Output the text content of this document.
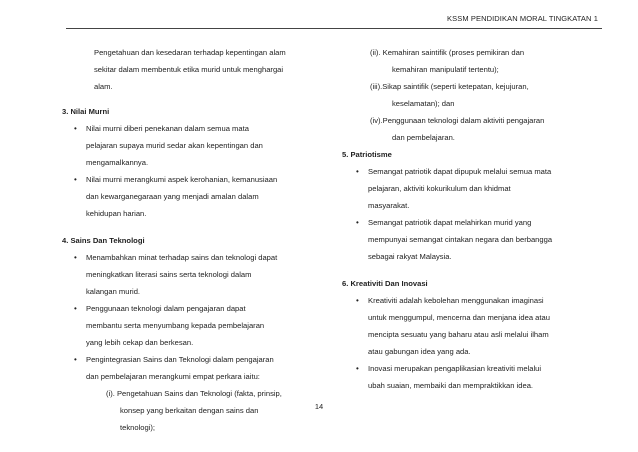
KSSM PENDIDIKAN MORAL TINGKATAN 1
Pengetahuan dan kesedaran terhadap kepentingan alam
sekitar dalam membentuk etika murid untuk menghargai
alam.
3. Nilai Murni
• Nilai murni diberi penekanan dalam semua mata
pelajaran supaya murid sedar akan kepentingan dan
mengamalkannya.
• Nilai murni merangkumi aspek kerohanian, kemanusiaan
dan kewarganegaraan yang menjadi amalan dalam
kehidupan harian.
4. Sains Dan Teknologi
• Menambahkan minat terhadap sains dan teknologi dapat
meningkatkan literasi sains serta teknologi dalam
kalangan murid.
• Penggunaan teknologi dalam pengajaran dapat
membantu serta menyumbang kepada pembelajaran
yang lebih cekap dan berkesan.
• Pengintegrasian Sains dan Teknologi dalam pengajaran
dan pembelajaran merangkumi empat perkara iaitu:
(i). Pengetahuan Sains dan Teknologi (fakta, prinsip,
konsep yang berkaitan dengan sains dan
teknologi);
(ii). Kemahiran saintifik (proses pemikiran dan
kemahiran manipulatif tertentu);
(iii).Sikap saintifik (seperti ketepatan, kejujuran,
keselamatan); dan
(iv).Penggunaan teknologi dalam aktiviti pengajaran
dan pembelajaran.
5. Patriotisme
• Semangat patriotik dapat dipupuk melalui semua mata
pelajaran, aktiviti kokurikulum dan khidmat
masyarakat.
• Semangat patriotik dapat melahirkan murid yang
mempunyai semangat cintakan negara dan berbangga
sebagai rakyat Malaysia.
6. Kreativiti Dan Inovasi
• Kreativiti adalah kebolehan menggunakan imaginasi
untuk menggumpul, mencerna dan menjana idea atau
mencipta sesuatu yang baharu atau asli melalui ilham
atau gabungan idea yang ada.
• Inovasi merupakan pengaplikasian kreativiti melalui
ubah suaian, membaiki dan mempraktikkan idea.
14
